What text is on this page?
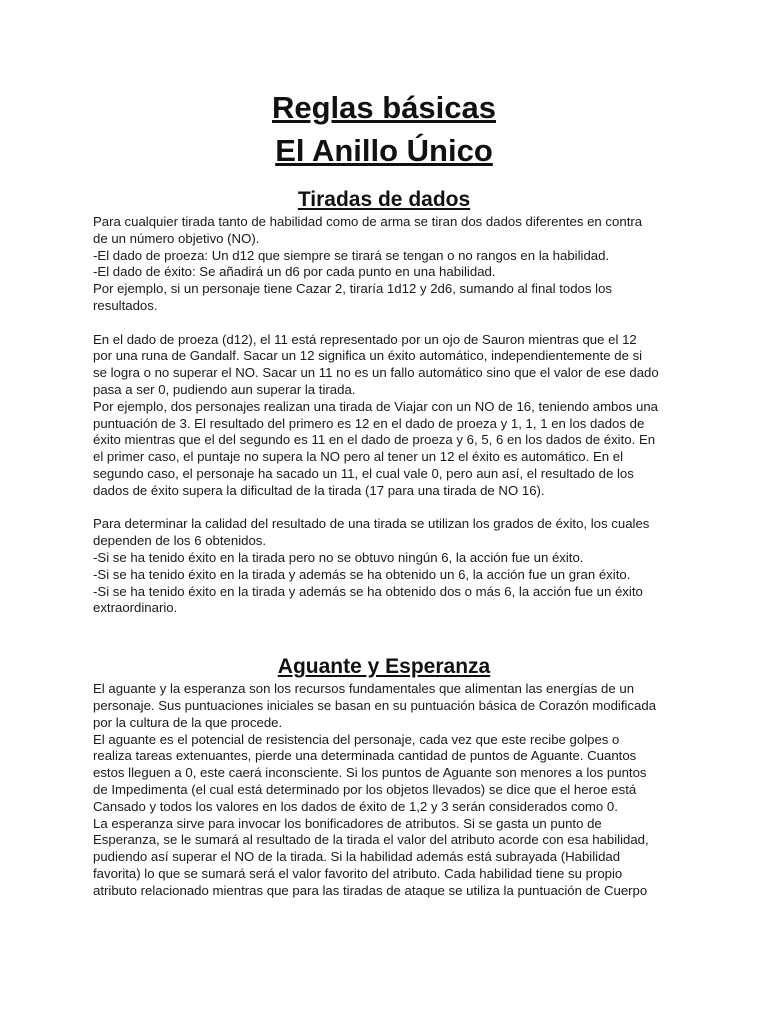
Reglas básicas
El Anillo Único
Tiradas de dados

Para cualquier tirada tanto de habilidad como de arma se tiran dos dados diferentes en contra
de un número objetivo (NO).
-El dado de proeza: Un d12 que siempre se tirará se tengan o no rangos en la habilidad.
-El dado de éxito: Se añadirá un d6 por cada punto en una habilidad.
Por ejemplo, si un personaje tiene Cazar 2, tiraría 1d12 y 2d6, sumando al final todos los
resultados.

En el dado de proeza (d12), el 11 está representado por un ojo de Sauron mientras que el 12
por una runa de Gandalf. Sacar un 12 significa un éxito automático, independientemente de si
se logra o no superar el NO. Sacar un 11 no es un fallo automático sino que el valor de ese dado
pasa a ser 0, pudiendo aun superar la tirada.
Por ejemplo, dos personajes realizan una tirada de Viajar con un NO de 16, teniendo ambos una
puntuación de 3. El resultado del primero es 12 en el dado de proeza y 1, 1, 1 en los dados de
éxito mientras que el del segundo es 11 en el dado de proeza y 6, 5, 6 en los dados de éxito. En
el primer caso, el puntaje no supera la NO pero al tener un 12 el éxito es automático. En el
segundo caso, el personaje ha sacado un 11, el cual vale 0, pero aun así, el resultado de los
dados de éxito supera la dificultad de la tirada (17 para una tirada de NO 16).

Para determinar la calidad del resultado de una tirada se utilizan los grados de éxito, los cuales
dependen de los 6 obtenidos.
-Si se ha tenido éxito en la tirada pero no se obtuvo ningún 6, la acción fue un éxito.
-Si se ha tenido éxito en la tirada y además se ha obtenido un 6, la acción fue un gran éxito.
-Si se ha tenido éxito en la tirada y además se ha obtenido dos o más 6, la acción fue un éxito
extraordinario.

Aguante y Esperanza

El aguante y la esperanza son los recursos fundamentales que alimentan las energías de un
personaje. Sus puntuaciones iniciales se basan en su puntuación básica de Corazón modificada
por la cultura de la que procede.
El aguante es el potencial de resistencia del personaje, cada vez que este recibe golpes o
realiza tareas extenuantes, pierde una determinada cantidad de puntos de Aguante. Cuantos
estos lleguen a 0, este caerá inconsciente. Si los puntos de Aguante son menores a los puntos
de Impedimenta (el cual está determinado por los objetos llevados) se dice que el heroe está
Cansado y todos los valores en los dados de éxito de 1,2 y 3 serán considerados como 0.
La esperanza sirve para invocar los bonificadores de atributos. Si se gasta un punto de
Esperanza, se le sumará al resultado de la tirada el valor del atributo acorde con esa habilidad,
pudiendo así superar el NO de la tirada. Si la habilidad además está subrayada (Habilidad
favorita) lo que se sumará será el valor favorito del atributo. Cada habilidad tiene su propio
atributo relacionado mientras que para las tiradas de ataque se utiliza la puntuación de Cuerpo
